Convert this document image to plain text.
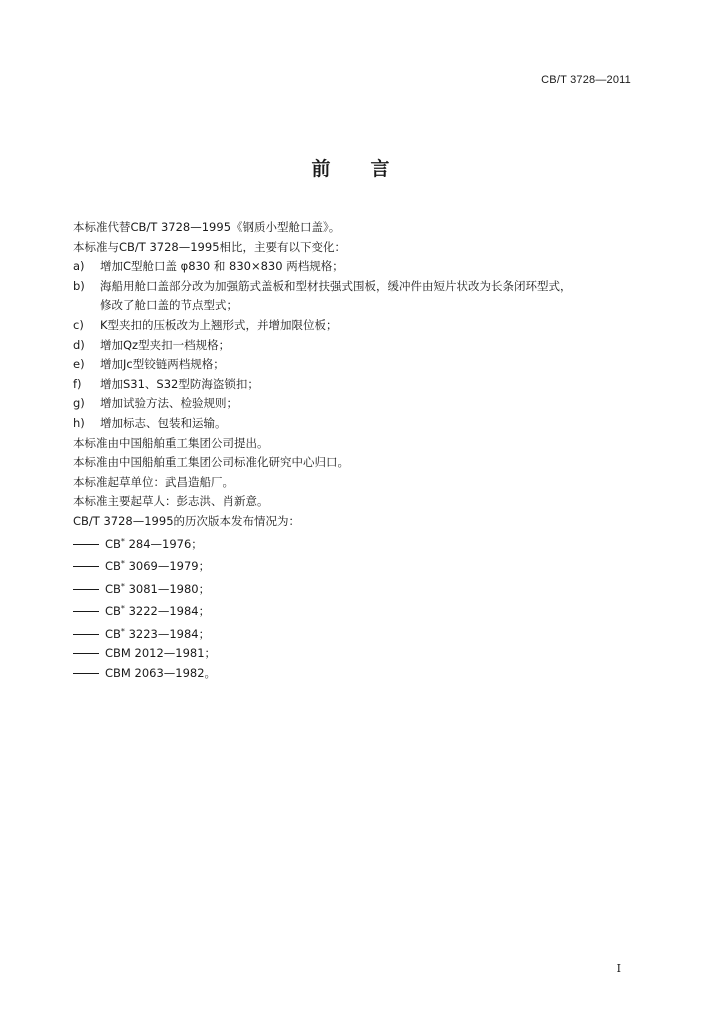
CB/T 3728—2011
前言

本标准代替CB/T 3728—1995《钢质小型舱口盖》。

本标准与CB/T 3728—1995相比，主要有以下变化：

a)	增加C型舱口盖 φ830 和 830×830 两档规格；
b)	海船用舱口盖部分改为加强筋式盖板和型材扶强式围板，缓冲件由短片状改为长条闭环型式，
修改了舱口盖的节点型式；
c)	K型夹扣的压板改为上翘形式，并增加限位板；
d)	增加Qz型夹扣一档规格；
e)	增加Jc型铰链两档规格；
f)	增加S31、S32型防海盗锁扣；
g)	增加试验方法、检验规则；
h)	增加标志、包装和运输。

本标准由中国船舶重工集团公司提出。

本标准由中国船舶重工集团公司标准化研究中心归口。

本标准起草单位：武昌造船厂。

本标准主要起草人：彭志洪、肖新意。

CB/T 3728—1995的历次版本发布情况为：

CB* 284—1976；
CB* 3069—1979；
CB* 3081—1980；
CB* 3222—1984；
CB* 3223—1984；
CBM 2012—1981；
CBM 2063—1982。
I
